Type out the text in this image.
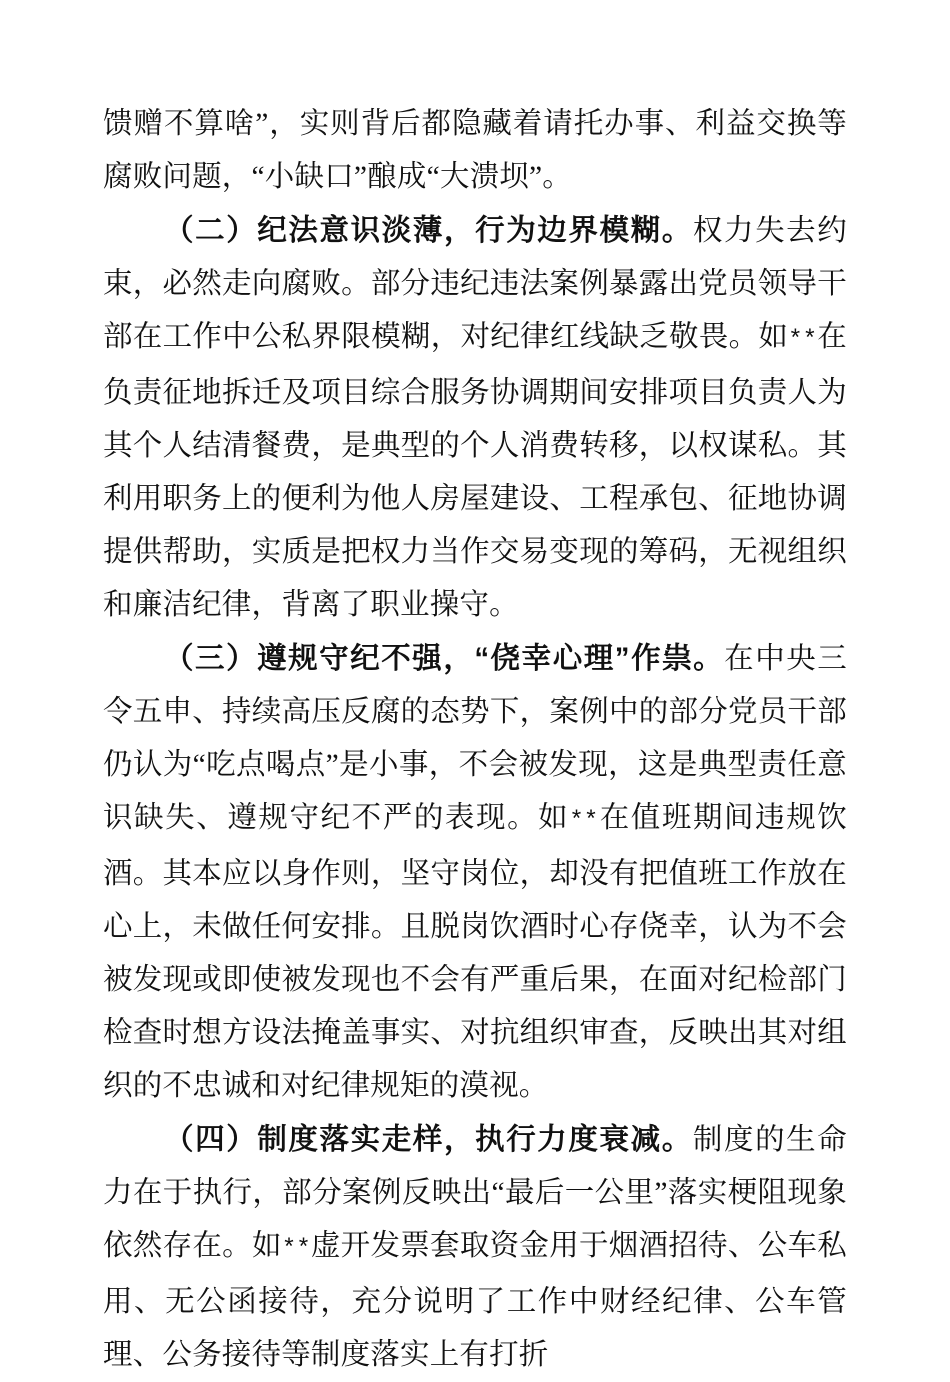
馈赠不算啥”，实则背后都隐藏着请托办事、利益交换等腐败问题，“小缺口”酿成“大溃坝”。

（二）纪法意识淡薄，行为边界模糊。权力失去约束，必然走向腐败。部分违纪违法案例暴露出党员领导干部在工作中公私界限模糊，对纪律红线缺乏敬畏。如**在负责征地拆迁及项目综合服务协调期间安排项目负责人为其个人结清餐费，是典型的个人消费转移，以权谋私。其利用职务上的便利为他人房屋建设、工程承包、征地协调提供帮助，实质是把权力当作交易变现的筹码，无视组织和廉洁纪律，背离了职业操守。

（三）遵规守纪不强，“侥幸心理”作祟。在中央三令五申、持续高压反腐的态势下，案例中的部分党员干部仍认为“吃点喝点”是小事，不会被发现，这是典型责任意识缺失、遵规守纪不严的表现。如**在值班期间违规饮酒。其本应以身作则，坚守岗位，却没有把值班工作放在心上，未做任何安排。且脱岗饮酒时心存侥幸，认为不会被发现或即使被发现也不会有严重后果，在面对纪检部门检查时想方设法掩盖事实、对抗组织审查，反映出其对组织的不忠诚和对纪律规矩的漠视。

（四）制度落实走样，执行力度衰减。制度的生命力在于执行，部分案例反映出“最后一公里”落实梗阻现象依然存在。如**虚开发票套取资金用于烟酒招待、公车私用、无公函接待，充分说明了工作中财经纪律、公车管理、公务接待等制度落实上有打折
